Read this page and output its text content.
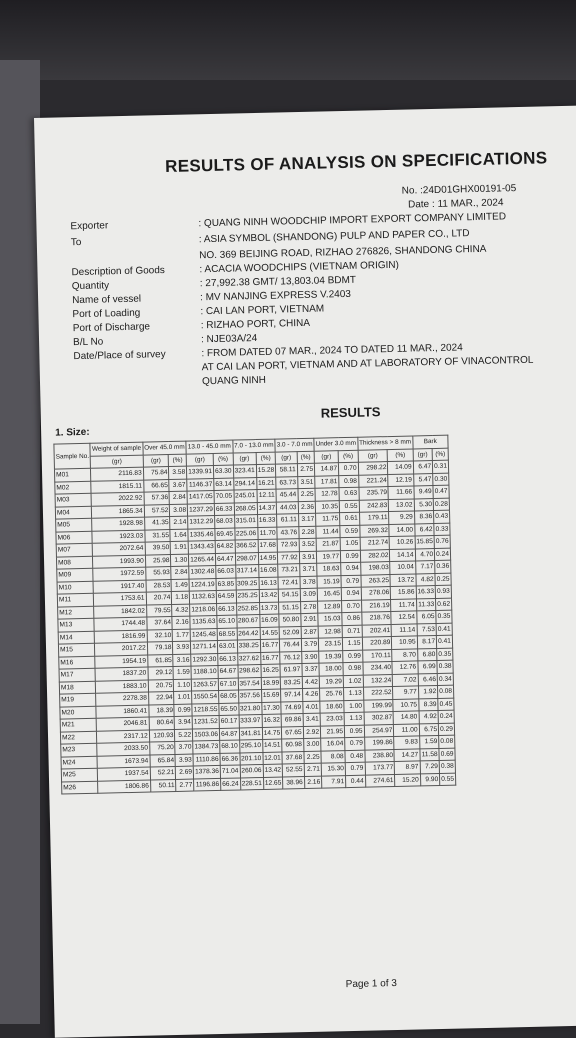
RESULTS OF ANALYSIS ON SPECIFICATIONS
No. :24D01GHX00191-05
Date : 11 MAR., 2024
Exporter	: QUANG NINH WOODCHIP IMPORT EXPORT COMPANY LIMITED
To	: ASIA SYMBOL (SHANDONG) PULP AND PAPER CO., LTD
NO. 369 BEIJING ROAD, RIZHAO 276826, SHANDONG CHINA
Description of Goods	: ACACIA WOODCHIPS (VIETNAM ORIGIN)
Quantity	: 27,992.38 GMT/ 13,803.04 BDMT
Name of vessel	: MV NANJING EXPRESS V.2403
Port of Loading	: CAI LAN PORT, VIETNAM
Port of Discharge	: RIZHAO PORT, CHINA
B/L No	: NJE03A/24
Date/Place of survey	: FROM DATED 07 MAR., 2024 TO DATED 11 MAR., 2024
AT CAI LAN PORT, VIETNAM AND AT LABORATORY OF VINACONTROL
QUANG NINH
RESULTS
1. Size:
Sample No.	Weight of sample	Over 45.0 mm		13.0 - 45.0 mm		7.0 - 13.0 mm		3.0 - 7.0 mm		Under 3.0 mm		Thickness > 8 mm		Bark	
	(gr)	(gr)	(%)	(gr)	(%)	(gr)	(%)	(gr)	(%)	(gr)	(%)	(gr)	(%)	(gr)	(%)
M01	2116.83	75.84	3.58	1339.91	63.30	323.41	15.28	58.11	2.75	14.87	0.70	298.22	14.09	6.47	0.31
M02	1815.11	66.65	3.67	1146.37	63.14	294.14	16.21	63.73	3.51	17.81	0.98	221.24	12.19	5.47	0.30
M03	2022.92	57.36	2.84	1417.05	70.05	245.01	12.11	45.44	2.25	12.78	0.63	235.79	11.66	9.49	0.47
M04	1865.34	57.52	3.08	1237.29	66.33	268.05	14.37	44.03	2.36	10.35	0.55	242.83	13.02	5.30	0.28
M05	1928.98	41.35	2.14	1312.29	68.03	315.01	16.33	61.11	3.17	11.75	0.61	179.11	9.29	8.36	0.43
M06	1923.03	31.55	1.64	1335.46	69.45	225.06	11.70	43.76	2.28	11.44	0.59	269.32	14.00	6.42	0.33
M07	2072.64	39.50	1.91	1343.43	64.82	366.52	17.68	72.93	3.52	21.87	1.05	212.74	10.26	15.85	0.76
M08	1993.90	25.98	1.30	1265.44	64.47	298.07	14.95	77.92	3.91	19.77	0.99	282.02	14.14	4.70	0.24
M09	1972.59	55.93	2.84	1302.48	66.03	317.14	16.08	73.21	3.71	18.63	0.94	198.03	10.04	7.17	0.36
M10	1917.40	28.53	1.49	1224.19	63.85	309.25	16.13	72.41	3.78	15.19	0.79	263.25	13.72	4.82	0.25
M11	1753.61	20.74	1.18	1132.63	64.59	235.25	13.42	54.15	3.09	16.45	0.94	278.06	15.86	16.33	0.93
M12	1842.02	79.55	4.32	1218.06	66.13	252.85	13.73	51.15	2.78	12.89	0.70	216.19	11.74	11.33	0.62
M13	1744.48	37.64	2.16	1135.63	65.10	280.67	16.09	50.80	2.91	15.03	0.86	218.76	12.54	6.05	0.35
M14	1816.99	32.10	1.77	1245.48	68.55	264.42	14.55	52.09	2.87	12.98	0.71	202.41	11.14	7.53	0.41
M15	2017.22	79.18	3.93	1271.14	63.01	338.25	16.77	76.44	3.79	23.15	1.15	220.89	10.95	8.17	0.41
M16	1954.19	61.85	3.16	1292.30	66.13	327.62	16.77	76.12	3.90	19.39	0.99	170.11	8.70	6.80	0.35
M17	1837.20	29.12	1.59	1188.10	64.67	298.62	16.25	61.97	3.37	18.00	0.98	234.40	12.76	6.99	0.38
M18	1883.10	20.75	1.10	1263.57	67.10	357.54	18.99	83.25	4.42	19.29	1.02	132.24	7.02	6.46	0.34
M19	2278.38	22.94	1.01	1550.54	68.05	357.56	15.69	97.14	4.26	25.76	1.13	222.52	9.77	1.92	0.08
M20	1860.41	18.39	0.99	1218.55	65.50	321.80	17.30	74.69	4.01	18.60	1.00	199.99	10.75	8.39	0.45
M21	2046.81	80.64	3.94	1231.52	60.17	333.97	16.32	69.86	3.41	23.03	1.13	302.87	14.80	4.92	0.24
M22	2317.12	120.93	5.22	1503.06	64.87	341.81	14.75	67.65	2.92	21.95	0.95	254.97	11.00	6.75	0.29
M23	2033.50	75.20	3.70	1384.73	68.10	295.10	14.51	60.98	3.00	16.04	0.79	199.86	9.83	1.59	0.08
M24	1673.94	65.84	3.93	1110.86	66.36	201.10	12.01	37.68	2.25	8.08	0.48	238.80	14.27	11.58	0.69
M25	1937.54	52.21	2.69	1378.36	71.04	260.06	13.42	52.55	2.71	15.30	0.79	173.77	8.97	7.29	0.38
M26	1806.86	50.11	2.77	1196.86	66.24	228.51	12.65	38.96	2.16	7.91	0.44	274.61	15.20	9.90	0.55
Page 1 of 3
